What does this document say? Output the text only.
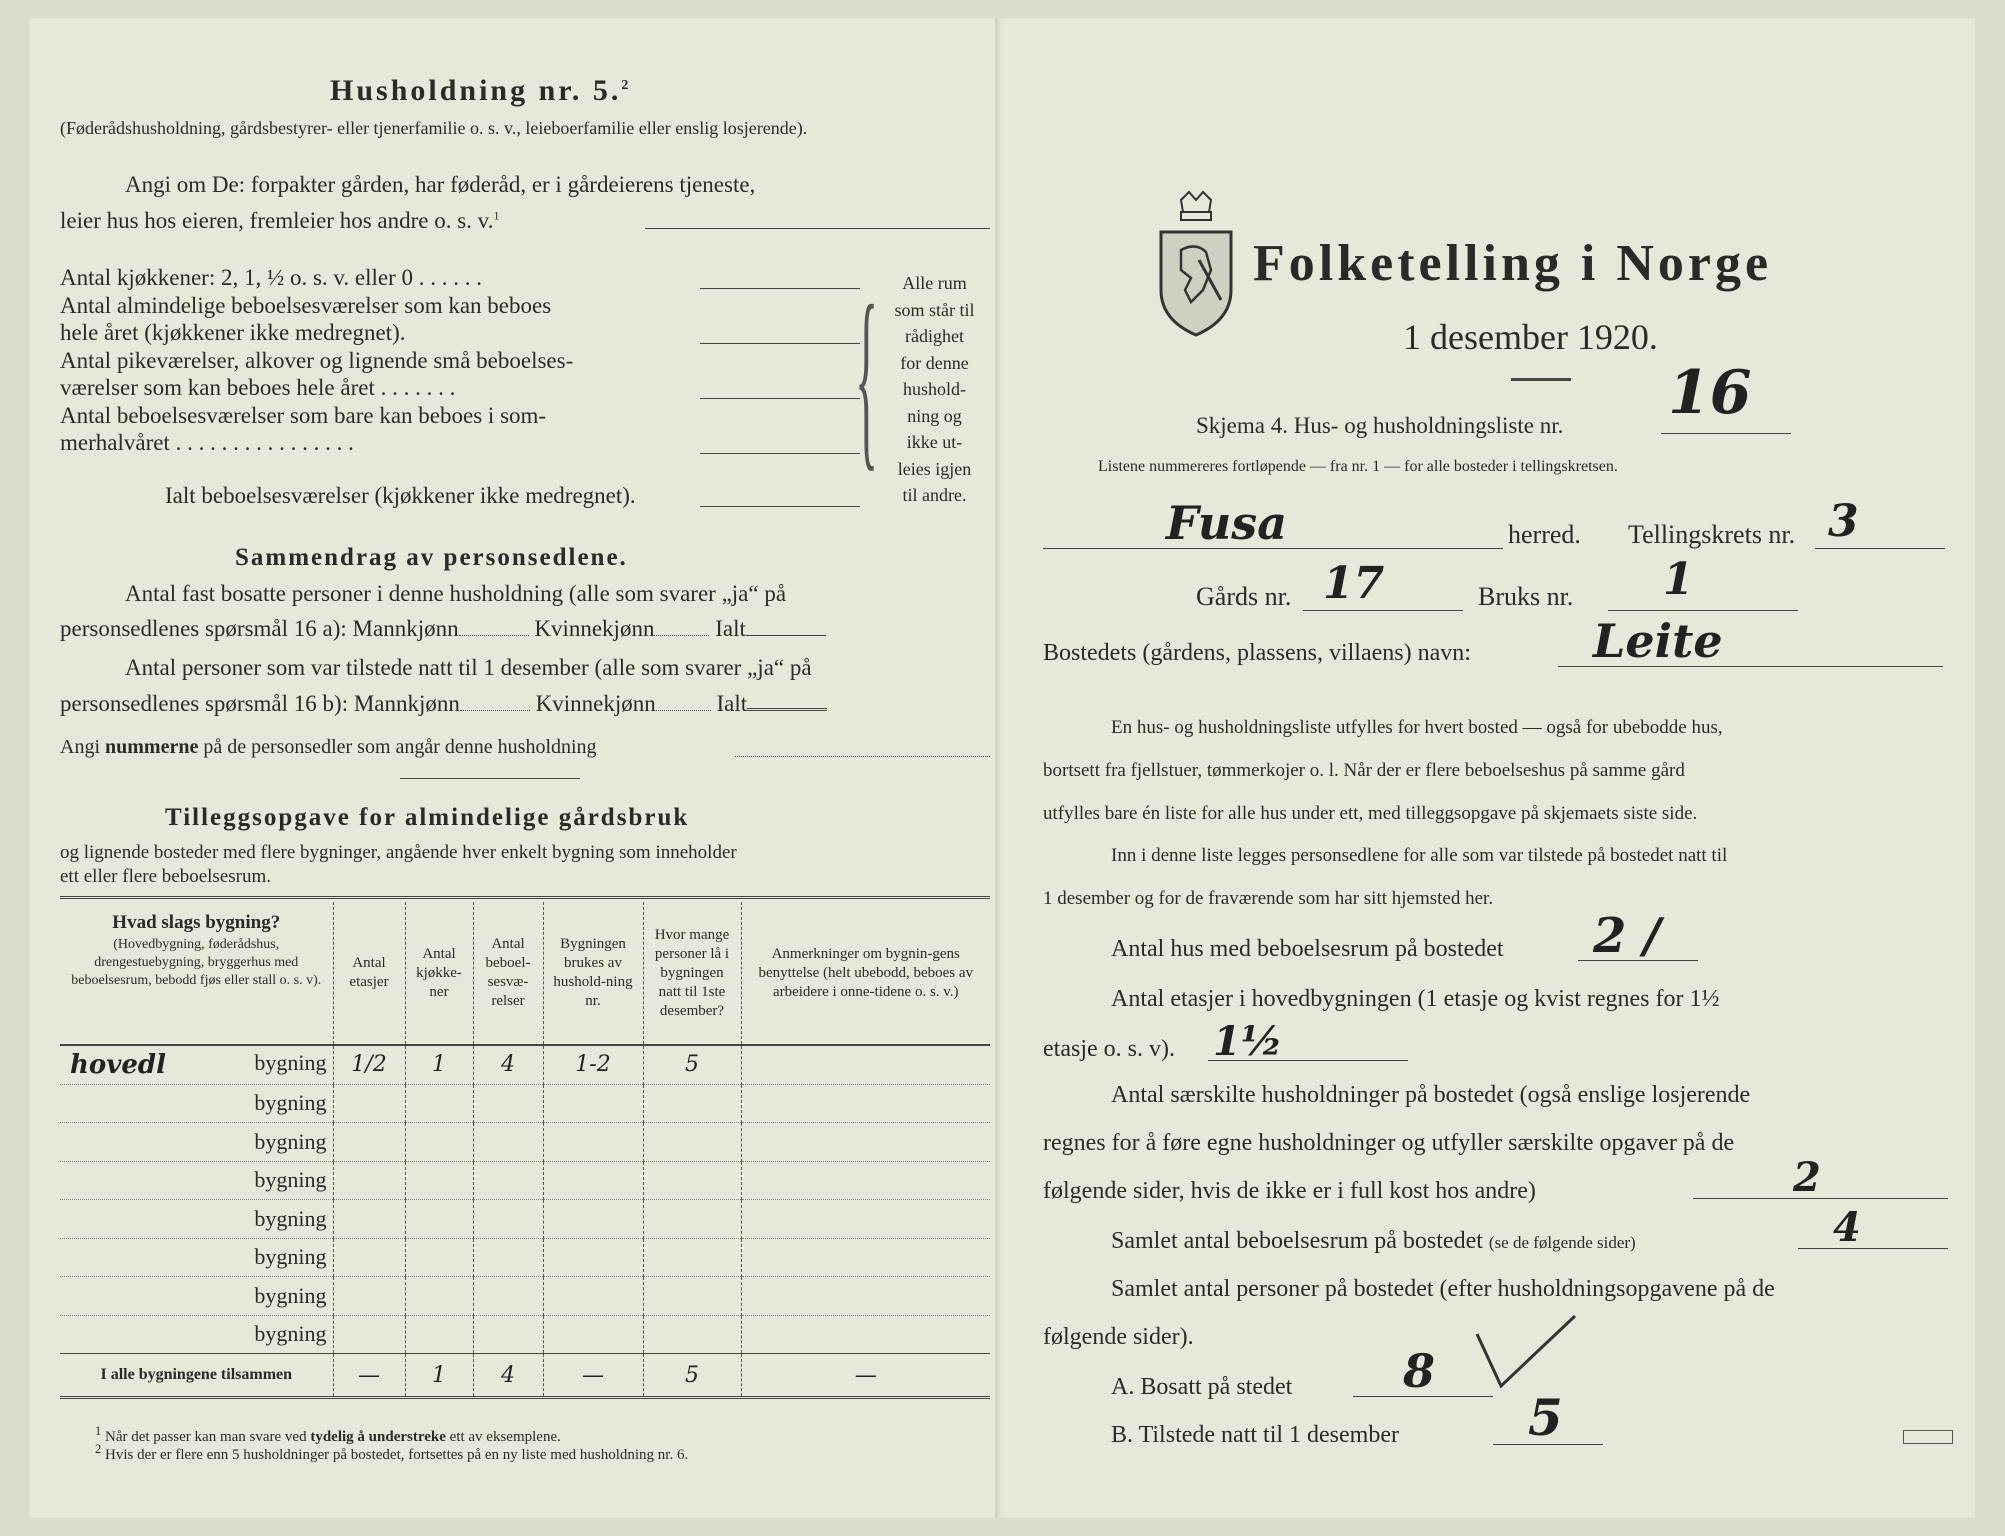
Husholdning nr. 5.$^2$
(Føderådshusholdning, gårdsbestyrer- eller tjenerfamilie o. s. v., leieboerfamilie eller enslig losjerende).
Angi om De: forpakter gården, har føderåd, er i gårdeierens tjeneste,
leier hus hos eieren, fremleier hos andre o. s. v.$^1$
Antal kjøkkener: 2, 1, ½ o. s. v. eller 0 . . . . . .
Antal almindelige beboelsesværelser som kan beboes
hele året (kjøkkener ikke medregnet).
Antal pikeværelser, alkover og lignende små beboelses-
værelser som kan beboes hele året . . . . . . .
Antal beboelsesværelser som bare kan beboes i som-
merhalvåret . . . . . . . . . . . . . . . .
Ialt beboelsesværelser (kjøkkener ikke medregnet).
{	Alle rum
som står til
rådighet
for denne
hushold-
ning og
ikke ut-
leies igjen
til andre.
Sammendrag av personsedlene.
Antal fast bosatte personer i denne husholdning (alle som svarer „ja“ på
personsedlenes spørsmål 16 a): Mannkjønn	Kvinnekjønn	Ialt
Antal personer som var tilstede natt til 1 desember (alle som svarer „ja“ på
personsedlenes spørsmål 16 b): Mannkjønn	Kvinnekjønn	Ialt
Angi nummerne på de personsedler som angår denne husholdning
Tilleggsopgave for almindelige gårdsbruk
og lignende bosteder med flere bygninger, angående hver enkelt bygning som inneholder
ett eller flere beboelsesrum.
Hvad slags bygning?
(Hovedbygning, føderådshus, drengestuebygning, bryggerhus med beboelsesrum, bebodd fjøs eller stall o. s. v).	Antal etasjer	Antal kjøkke-ner	Antal beboel-sesvæ-relser	Bygningen brukes av hushold-ning nr.	Hvor mange personer lå i bygningen natt til 1ste desember?	Anmerkninger om bygnin-gens benyttelse (helt ubebodd, beboes av arbeidere i onne-tidene o. s. v.)

hovedl bygning	1/2	1	4	1-2	5	
bygning						
bygning						
bygning						
bygning						
bygning						
bygning						
bygning						
I alle bygningene tilsammen	—	1	4	—	5	—
$^1$ Når det passer kan man svare ved tydelig å understreke ett av eksemplene.
$^2$ Hvis der er flere enn 5 husholdninger på bostedet, fortsettes på en ny liste med husholdning nr. 6.
Folketelling i Norge
1 desember 1920.
Skjema 4. Hus- og husholdningsliste nr. 16
Listene nummereres fortløpende — fra nr. 1 — for alle bosteder i tellingskretsen.
Fusa	herred. Tellingskrets nr. 3
Gårds nr. 17	Bruks nr. 1
Bostedets (gårdens, plassens, villaens) navn:	Leite
En hus- og husholdningsliste utfylles for hvert bosted — også for ubebodde hus,
bortsett fra fjellstuer, tømmerkojer o. l. Når der er flere beboelseshus på samme gård
utfylles bare én liste for alle hus under ett, med tilleggsopgave på skjemaets siste side.
Inn i denne liste legges personsedlene for alle som var tilstede på bostedet natt til
1 desember og for de fraværende som har sitt hjemsted her.
Antal hus med beboelsesrum på bostedet 2 /
Antal etasjer i hovedbygningen (1 etasje og kvist regnes for 1½
etasje o. s. v). 1½
Antal særskilte husholdninger på bostedet (også enslige losjerende
regnes for å føre egne husholdninger og utfyller særskilte opgaver på de
følgende sider, hvis de ikke er i full kost hos andre)	2
Samlet antal beboelsesrum på bostedet (se de følgende sider)	4
Samlet antal personer på bostedet (efter husholdningsopgavene på de
følgende sider).
A. Bosatt på stedet 8
B. Tilstede natt til 1 desember	5
